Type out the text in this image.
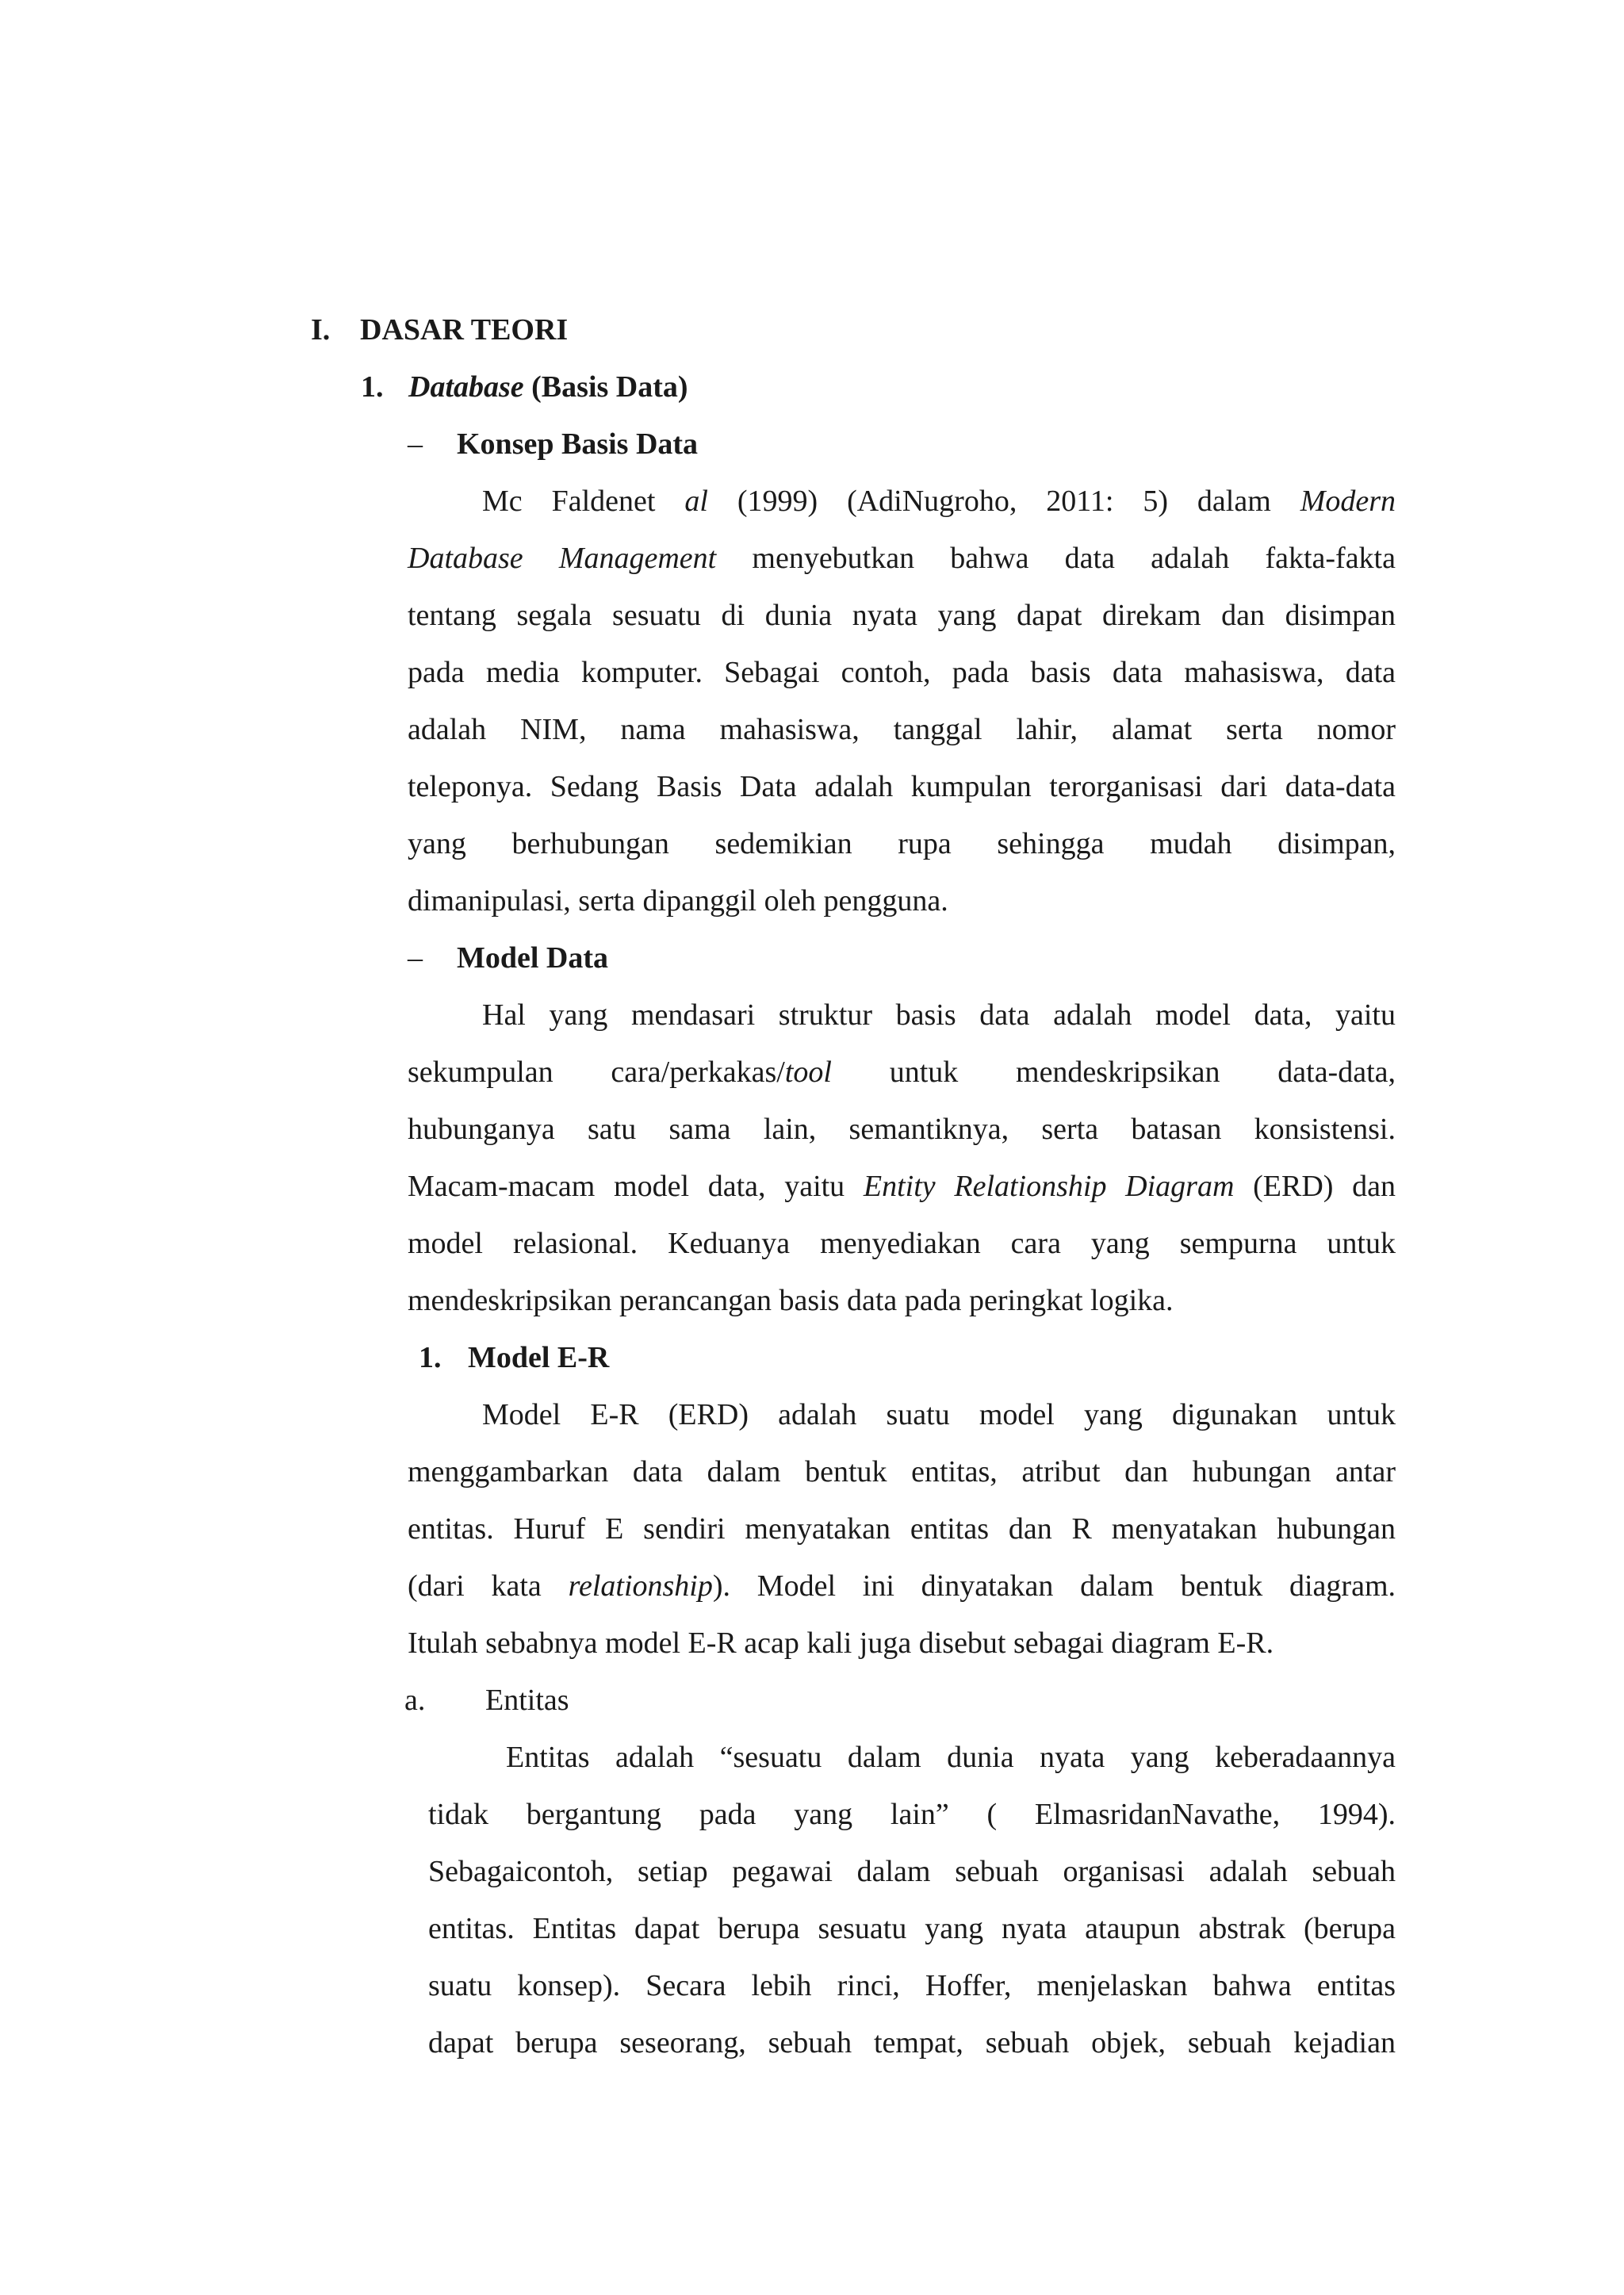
I. DASAR TEORI
1. Database (Basis Data)
– Konsep Basis Data
Mc Faldenet al (1999) (AdiNugroho, 2011: 5) dalam Modern
Database Management menyebutkan bahwa data adalah fakta-fakta
tentang segala sesuatu di dunia nyata yang dapat direkam dan disimpan
pada media komputer. Sebagai contoh, pada basis data mahasiswa, data
adalah NIM, nama mahasiswa, tanggal lahir, alamat serta nomor
teleponya. Sedang Basis Data adalah kumpulan terorganisasi dari data-data
yang berhubungan sedemikian rupa sehingga mudah disimpan,
dimanipulasi, serta dipanggil oleh pengguna.
– Model Data
Hal yang mendasari struktur basis data adalah model data, yaitu
sekumpulan cara/perkakas/tool untuk mendeskripsikan data-data,
hubunganya satu sama lain, semantiknya, serta batasan konsistensi.
Macam-macam model data, yaitu Entity Relationship Diagram (ERD) dan
model relasional. Keduanya menyediakan cara yang sempurna untuk
mendeskripsikan perancangan basis data pada peringkat logika.
1. Model E-R
Model E-R (ERD) adalah suatu model yang digunakan untuk
menggambarkan data dalam bentuk entitas, atribut dan hubungan antar
entitas. Huruf E sendiri menyatakan entitas dan R menyatakan hubungan
(dari kata relationship). Model ini dinyatakan dalam bentuk diagram.
Itulah sebabnya model E-R acap kali juga disebut sebagai diagram E-R.
a. Entitas
Entitas adalah “sesuatu dalam dunia nyata yang keberadaannya
tidak bergantung pada yang lain” ( ElmasridanNavathe, 1994).
Sebagaicontoh, setiap pegawai dalam sebuah organisasi adalah sebuah
entitas. Entitas dapat berupa sesuatu yang nyata ataupun abstrak (berupa
suatu konsep). Secara lebih rinci, Hoffer, menjelaskan bahwa entitas
dapat berupa seseorang, sebuah tempat, sebuah objek, sebuah kejadian
